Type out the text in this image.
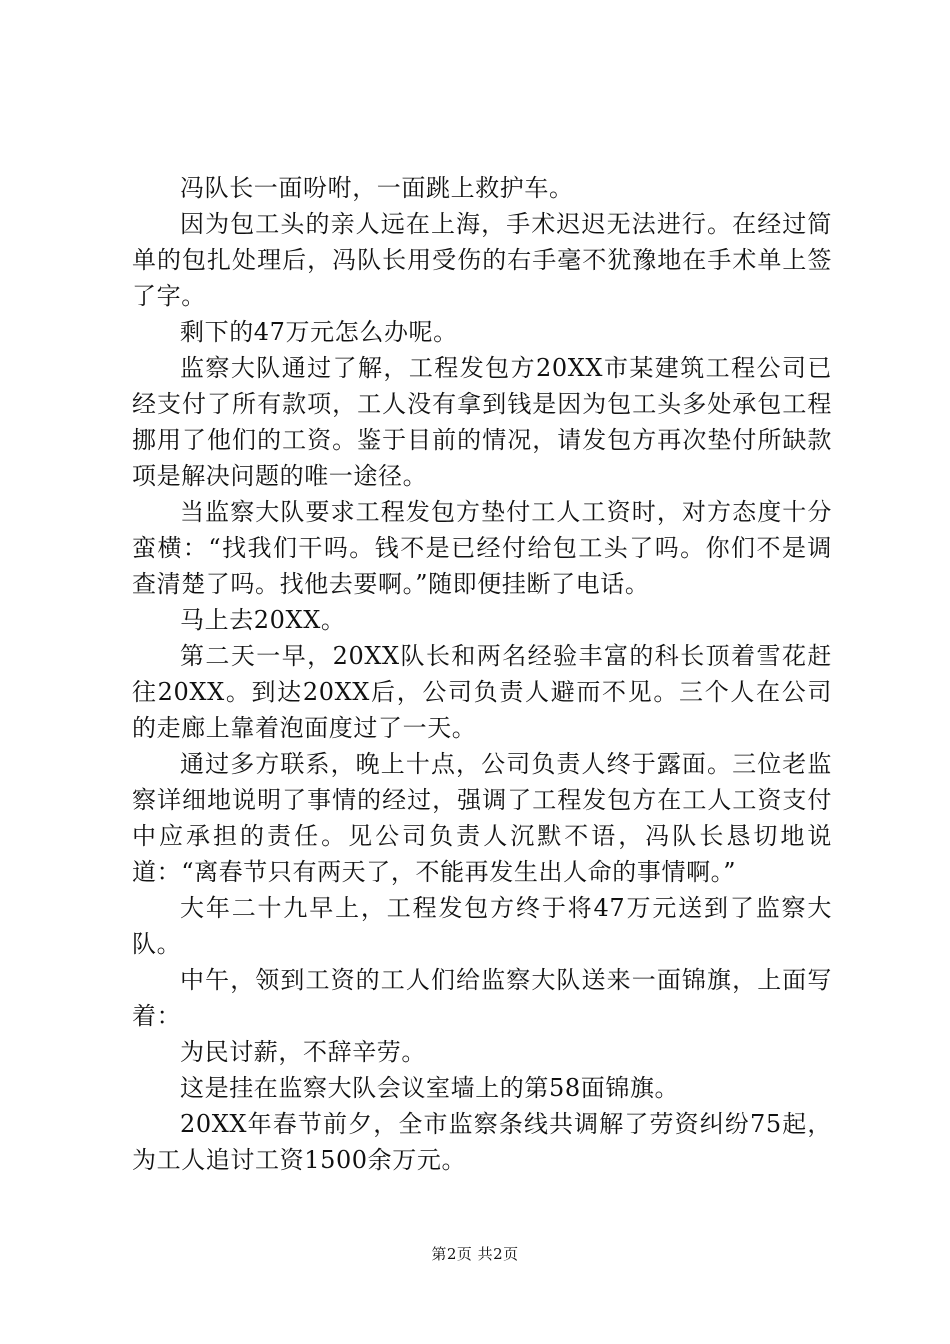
冯队长一面吩咐，一面跳上救护车。

因为包工头的亲人远在上海，手术迟迟无法进行。在经过简单的包扎处理后，冯队长用受伤的右手毫不犹豫地在手术单上签了字。

剩下的47万元怎么办呢。

监察大队通过了解，工程发包方20XX市某建筑工程公司已经支付了所有款项，工人没有拿到钱是因为包工头多处承包工程挪用了他们的工资。鉴于目前的情况，请发包方再次垫付所缺款项是解决问题的唯一途径。

当监察大队要求工程发包方垫付工人工资时，对方态度十分蛮横：“找我们干吗。钱不是已经付给包工头了吗。你们不是调查清楚了吗。找他去要啊。”随即便挂断了电话。

马上去20XX。

第二天一早，20XX队长和两名经验丰富的科长顶着雪花赶往20XX。到达20XX后，公司负责人避而不见。三个人在公司的走廊上靠着泡面度过了一天。

通过多方联系，晚上十点，公司负责人终于露面。三位老监察详细地说明了事情的经过，强调了工程发包方在工人工资支付中应承担的责任。见公司负责人沉默不语，冯队长恳切地说道：“离春节只有两天了，不能再发生出人命的事情啊。”

大年二十九早上，工程发包方终于将47万元送到了监察大队。

中午，领到工资的工人们给监察大队送来一面锦旗，上面写着：

为民讨薪，不辞辛劳。

这是挂在监察大队会议室墙上的第58面锦旗。

20XX年春节前夕，全市监察条线共调解了劳资纠纷75起，为工人追讨工资1500余万元。

第2页 共2页
